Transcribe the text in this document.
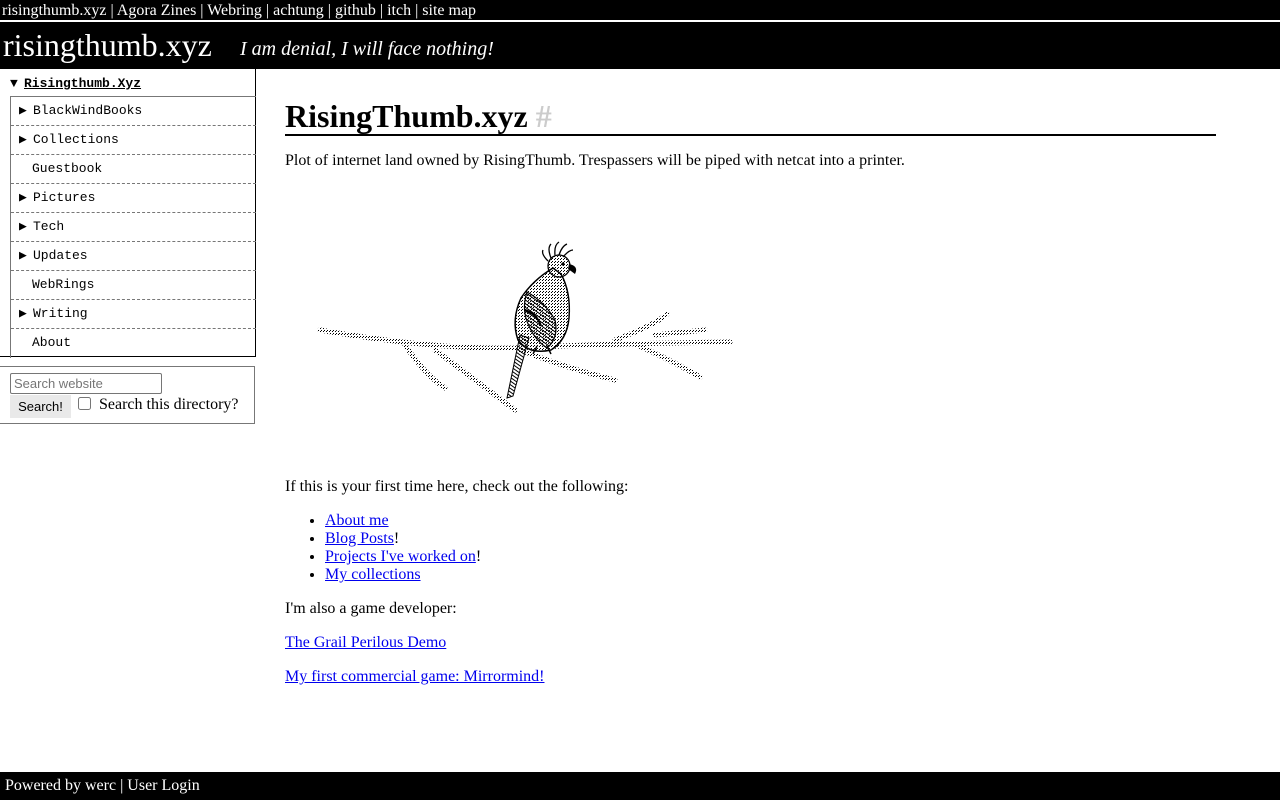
risingthumb.xyz | Agora Zines | Webring | achtung | github | itch | site map
risingthumb.xyz I am denial, I will face nothing!
▼ Risingthumb.Xyz
▶ BlackWindBooks
▶ Collections
Guestbook
▶ Pictures
▶ Tech
▶ Updates
WebRings
▶ Writing
About
Search website
Search!	Search this directory?
RisingThumb.xyz #

Plot of internet land owned by RisingThumb. Trespassers will be piped with netcat into a printer.

If this is your first time here, check out the following:

• About me
• Blog Posts!
• Projects I've worked on!
• My collections

I'm also a game developer:

The Grail Perilous Demo

My first commercial game: Mirrormind!

Powered by werc | User Login
